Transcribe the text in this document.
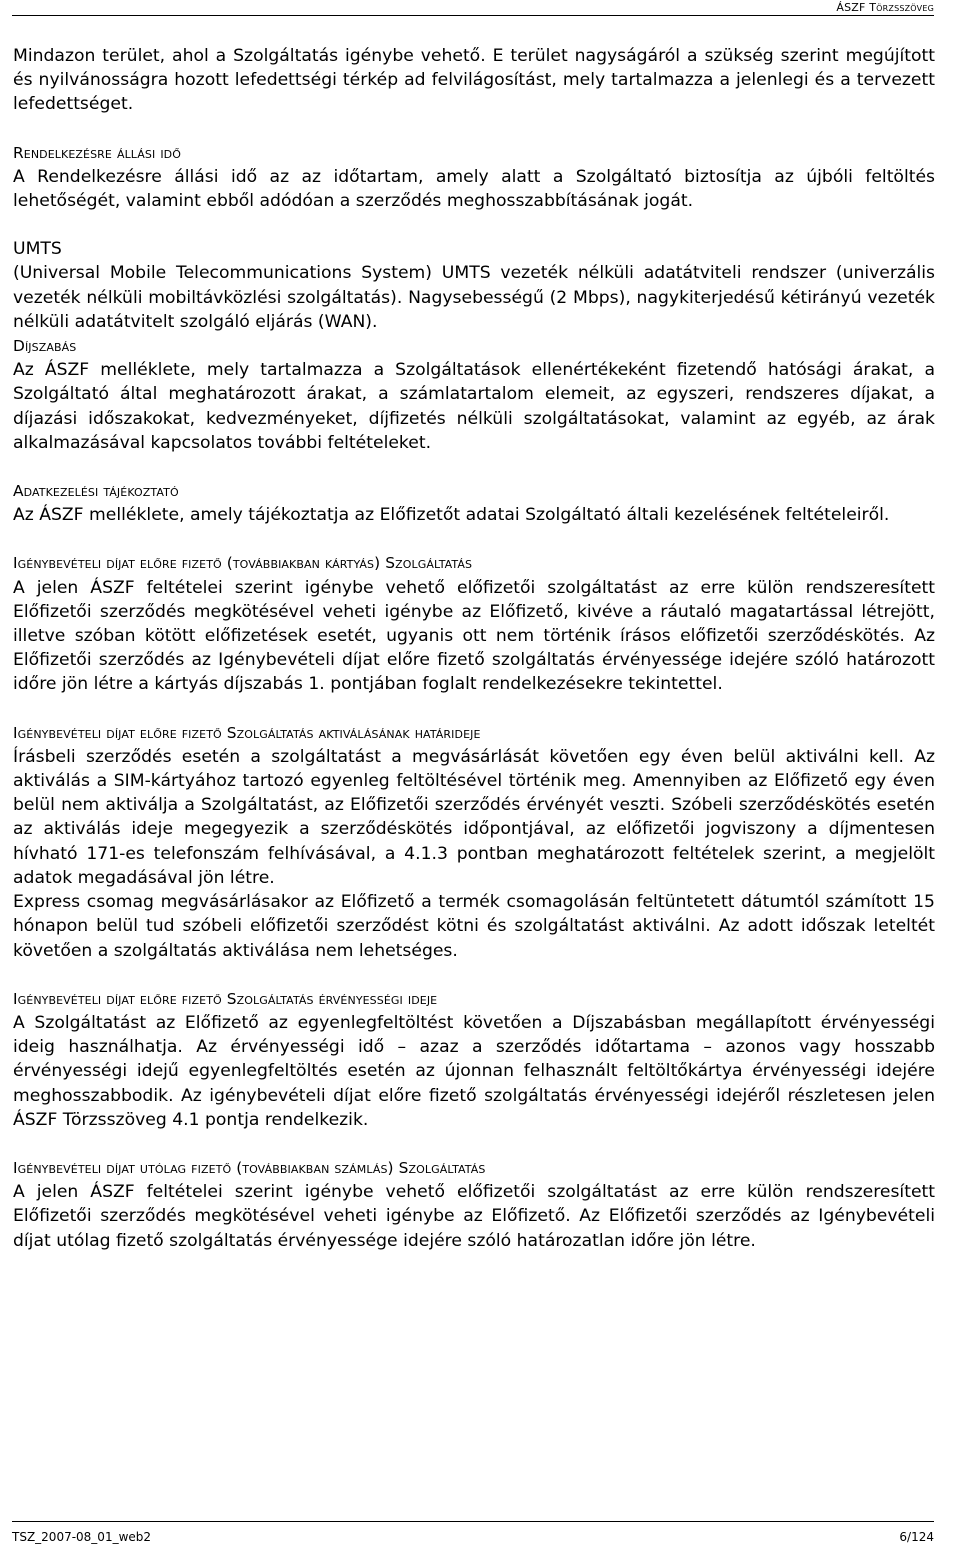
ÁSZF Törzsszöveg

Mindazon terület, ahol a Szolgáltatás igénybe vehető. E terület nagyságáról a szükség szerint megújított és nyilvánosságra hozott lefedettségi térkép ad felvilágosítást, mely tartalmazza a jelenlegi és a tervezett lefedettséget.

Rendelkezésre állási idő

A Rendelkezésre állási idő az az időtartam, amely alatt a Szolgáltató biztosítja az újbóli feltöltés lehetőségét, valamint ebből adódóan a szerződés meghosszabbításának jogát.

UMTS

(Universal Mobile Telecommunications System) UMTS vezeték nélküli adatátviteli rendszer (univerzális vezeték nélküli mobiltávközlési szolgáltatás). Nagysebességű (2 Mbps), nagykiterjedésű kétirányú vezeték nélküli adatátvitelt szolgáló eljárás (WAN).

Díjszabás

Az ÁSZF melléklete, mely tartalmazza a Szolgáltatások ellenértékeként fizetendő hatósági árakat, a Szolgáltató által meghatározott árakat, a számlatartalom elemeit, az egyszeri, rendszeres díjakat, a díjazási időszakokat, kedvezményeket, díjfizetés nélküli szolgáltatásokat, valamint az egyéb, az árak alkalmazásával kapcsolatos további feltételeket.

Adatkezelési tájékoztató

Az ÁSZF melléklete, amely tájékoztatja az Előfizetőt adatai Szolgáltató általi kezelésének feltételeiről.

Igénybevételi díjat előre fizető (továbbiakban kártyás) Szolgáltatás

A jelen ÁSZF feltételei szerint igénybe vehető előfizetői szolgáltatást az erre külön rendszeresített Előfizetői szerződés megkötésével veheti igénybe az Előfizető, kivéve a ráutaló magatartással létrejött, illetve szóban kötött előfizetések esetét, ugyanis ott nem történik írásos előfizetői szerződéskötés. Az Előfizetői szerződés az Igénybevételi díjat előre fizető szolgáltatás érvényessége idejére szóló határozott időre jön létre a kártyás díjszabás 1. pontjában foglalt rendelkezésekre tekintettel.

Igénybevételi díjat előre fizető Szolgáltatás aktiválásának határideje

Írásbeli szerződés esetén a szolgáltatást a megvásárlását követően egy éven belül aktiválni kell. Az aktiválás a SIM-kártyához tartozó egyenleg feltöltésével történik meg. Amennyiben az Előfizető egy éven belül nem aktiválja a Szolgáltatást, az Előfizetői szerződés érvényét veszti. Szóbeli szerződéskötés esetén az aktiválás ideje megegyezik a szerződéskötés időpontjával, az előfizetői jogviszony a díjmentesen hívható 171-es telefonszám felhívásával, a 4.1.3 pontban meghatározott feltételek szerint, a megjelölt adatok megadásával jön létre.

Express csomag megvásárlásakor az Előfizető a termék csomagolásán feltüntetett dátumtól számított 15 hónapon belül tud szóbeli előfizetői szerződést kötni és szolgáltatást aktiválni. Az adott időszak leteltét követően a szolgáltatás aktiválása nem lehetséges.

Igénybevételi díjat előre fizető Szolgáltatás érvényességi ideje

A Szolgáltatást az Előfizető az egyenlegfeltöltést követően a Díjszabásban megállapított érvényességi ideig használhatja. Az érvényességi idő – azaz a szerződés időtartama – azonos vagy hosszabb érvényességi idejű egyenlegfeltöltés esetén az újonnan felhasznált feltöltőkártya érvényességi idejére meghosszabbodik. Az igénybevételi díjat előre fizető szolgáltatás érvényességi idejéről részletesen jelen ÁSZF Törzsszöveg 4.1 pontja rendelkezik.

Igénybevételi díjat utólag fizető (továbbiakban számlás) Szolgáltatás

A jelen ÁSZF feltételei szerint igénybe vehető előfizetői szolgáltatást az erre külön rendszeresített Előfizetői szerződés megkötésével veheti igénybe az Előfizető. Az Előfizetői szerződés az Igénybevételi díjat utólag fizető szolgáltatás érvényessége idejére szóló határozatlan időre jön létre.

TSZ_2007-08_01_web2	6/124
